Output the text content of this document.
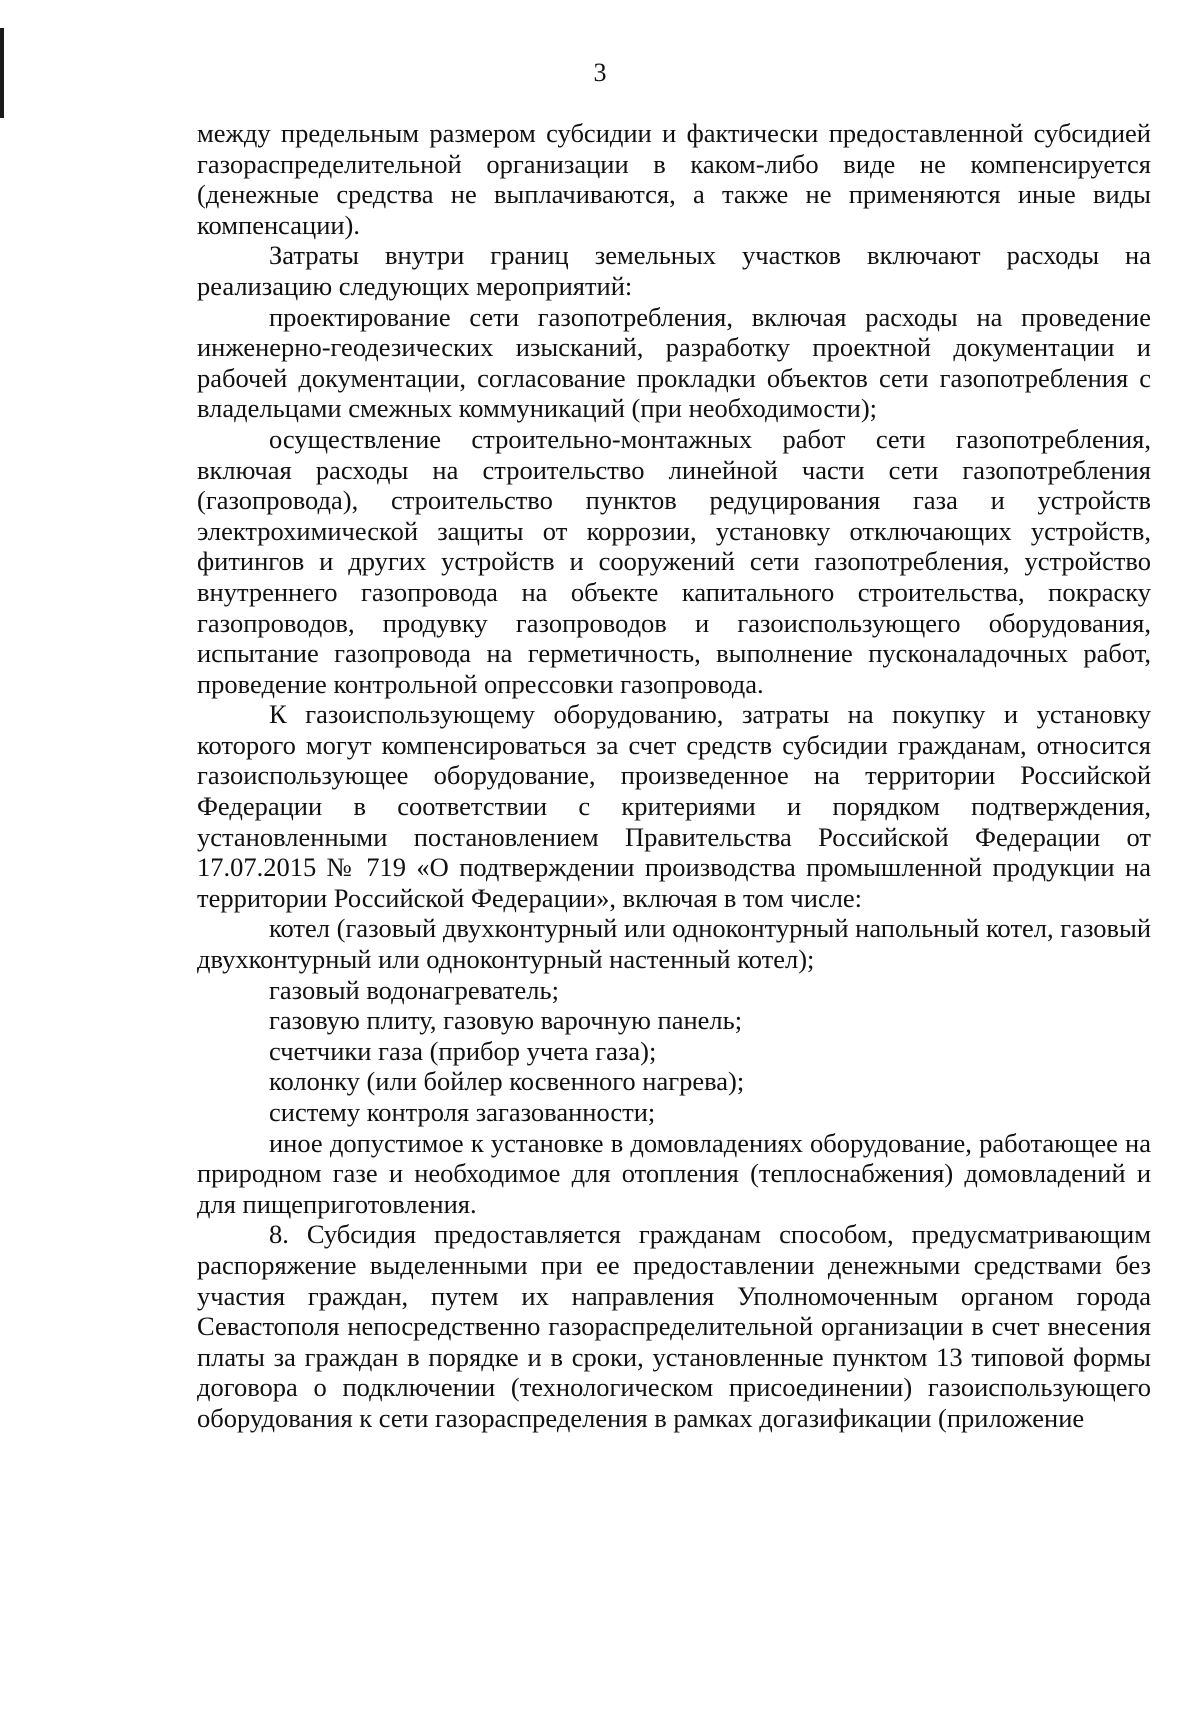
3

между предельным размером субсидии и фактически предоставленной субсидией газораспределительной организации в каком-либо виде не компенсируется (денежные средства не выплачиваются, а также не применяются иные виды компенсации).

Затраты внутри границ земельных участков включают расходы на реализацию следующих мероприятий:

проектирование сети газопотребления, включая расходы на проведение инженерно-геодезических изысканий, разработку проектной документации и рабочей документации, согласование прокладки объектов сети газопотребления с владельцами смежных коммуникаций (при необходимости);

осуществление строительно-монтажных работ сети газопотребления, включая расходы на строительство линейной части сети газопотребления (газопровода), строительство пунктов редуцирования газа и устройств электрохимической защиты от коррозии, установку отключающих устройств, фитингов и других устройств и сооружений сети газопотребления, устройство внутреннего газопровода на объекте капитального строительства, покраску газопроводов, продувку газопроводов и газоиспользующего оборудования, испытание газопровода на герметичность, выполнение пусконаладочных работ, проведение контрольной опрессовки газопровода.

К газоиспользующему оборудованию, затраты на покупку и установку которого могут компенсироваться за счет средств субсидии гражданам, относится газоиспользующее оборудование, произведенное на территории Российской Федерации в соответствии с критериями и порядком подтверждения, установленными постановлением Правительства Российской Федерации от 17.07.2015 № 719 «О подтверждении производства промышленной продукции на территории Российской Федерации», включая в том числе:

котел (газовый двухконтурный или одноконтурный напольный котел, газовый двухконтурный или одноконтурный настенный котел);

газовый водонагреватель;

газовую плиту, газовую варочную панель;

счетчики газа (прибор учета газа);

колонку (или бойлер косвенного нагрева);

систему контроля загазованности;

иное допустимое к установке в домовладениях оборудование, работающее на природном газе и необходимое для отопления (теплоснабжения) домовладений и для пищеприготовления.

8. Субсидия предоставляется гражданам способом, предусматривающим распоряжение выделенными при ее предоставлении денежными средствами без участия граждан, путем их направления Уполномоченным органом города Севастополя непосредственно газораспределительной организации в счет внесения платы за граждан в порядке и в сроки, установленные пунктом 13 типовой формы договора о подключении (технологическом присоединении) газоиспользующего оборудования к сети газораспределения в рамках догазификации (приложение
